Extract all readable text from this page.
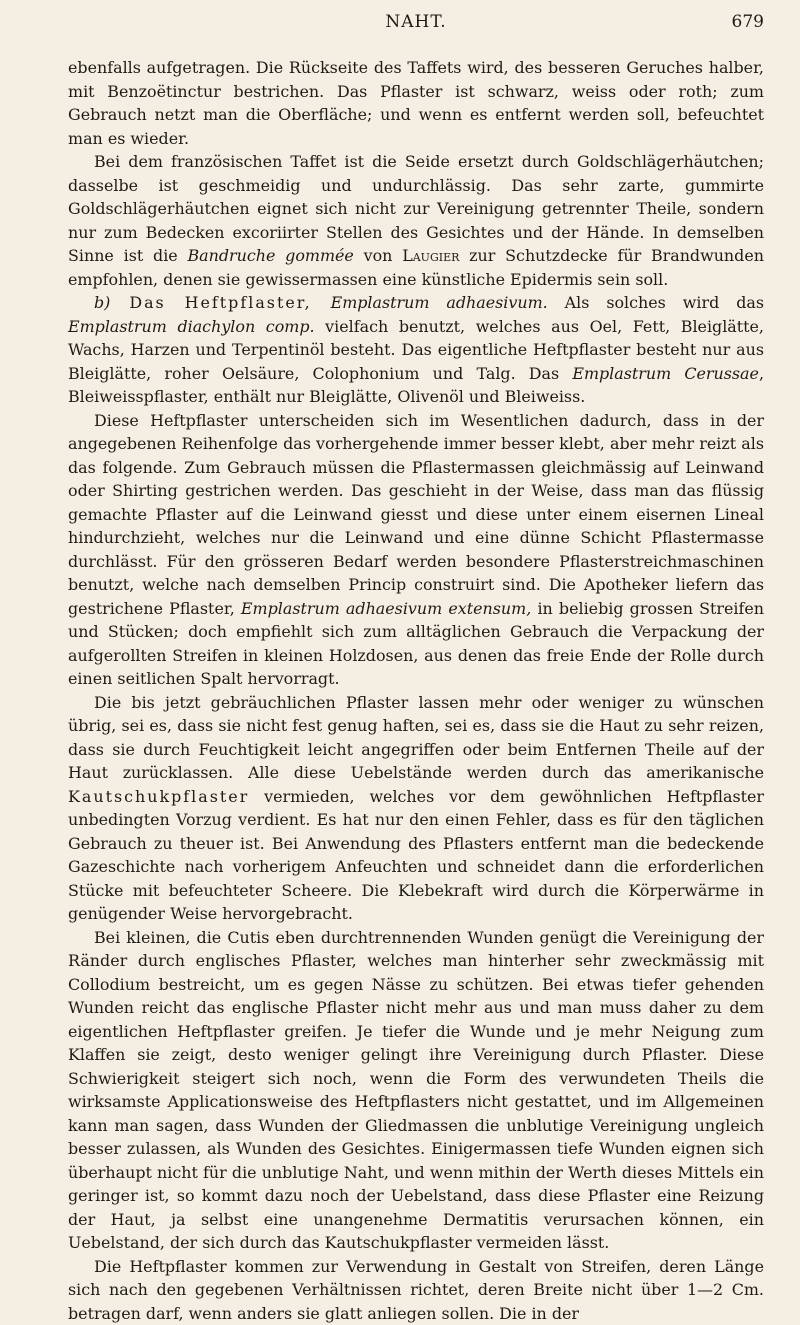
NAHT.	679

ebenfalls aufgetragen. Die Rückseite des Taffets wird, des besseren Geruches halber, mit Benzoëtinctur bestrichen. Das Pflaster ist schwarz, weiss oder roth; zum Gebrauch netzt man die Oberfläche; und wenn es entfernt werden soll, befeuchtet man es wieder.

Bei dem französischen Taffet ist die Seide ersetzt durch Goldschlägerhäutchen; dasselbe ist geschmeidig und undurchlässig. Das sehr zarte, gummirte Goldschlägerhäutchen eignet sich nicht zur Vereinigung getrennter Theile, sondern nur zum Bedecken excoriirter Stellen des Gesichtes und der Hände. In demselben Sinne ist die Bandruche gommée von Laugier zur Schutzdecke für Brandwunden empfohlen, denen sie gewissermassen eine künstliche Epidermis sein soll.

b) Das Heftpflaster, Emplastrum adhaesivum. Als solches wird das Emplastrum diachylon comp. vielfach benutzt, welches aus Oel, Fett, Bleiglätte, Wachs, Harzen und Terpentinöl besteht. Das eigentliche Heftpflaster besteht nur aus Bleiglätte, roher Oelsäure, Colophonium und Talg. Das Emplastrum Cerussae, Bleiweisspflaster, enthält nur Bleiglätte, Olivenöl und Bleiweiss.

Diese Heftpflaster unterscheiden sich im Wesentlichen dadurch, dass in der angegebenen Reihenfolge das vorhergehende immer besser klebt, aber mehr reizt als das folgende. Zum Gebrauch müssen die Pflastermassen gleichmässig auf Leinwand oder Shirting gestrichen werden. Das geschieht in der Weise, dass man das flüssig gemachte Pflaster auf die Leinwand giesst und diese unter einem eisernen Lineal hindurchzieht, welches nur die Leinwand und eine dünne Schicht Pflastermasse durchlässt. Für den grösseren Bedarf werden besondere Pflasterstreichmaschinen benutzt, welche nach demselben Princip construirt sind. Die Apotheker liefern das gestrichene Pflaster, Emplastrum adhaesivum extensum, in beliebig grossen Streifen und Stücken; doch empfiehlt sich zum alltäglichen Gebrauch die Verpackung der aufgerollten Streifen in kleinen Holzdosen, aus denen das freie Ende der Rolle durch einen seitlichen Spalt hervorragt.

Die bis jetzt gebräuchlichen Pflaster lassen mehr oder weniger zu wünschen übrig, sei es, dass sie nicht fest genug haften, sei es, dass sie die Haut zu sehr reizen, dass sie durch Feuchtigkeit leicht angegriffen oder beim Entfernen Theile auf der Haut zurücklassen. Alle diese Uebelstände werden durch das amerikanische Kautschukpflaster vermieden, welches vor dem gewöhnlichen Heftpflaster unbedingten Vorzug verdient. Es hat nur den einen Fehler, dass es für den täglichen Gebrauch zu theuer ist. Bei Anwendung des Pflasters entfernt man die bedeckende Gazeschichte nach vorherigem Anfeuchten und schneidet dann die erforderlichen Stücke mit befeuchteter Scheere. Die Klebekraft wird durch die Körperwärme in genügender Weise hervorgebracht.

Bei kleinen, die Cutis eben durchtrennenden Wunden genügt die Vereinigung der Ränder durch englisches Pflaster, welches man hinterher sehr zweckmässig mit Collodium bestreicht, um es gegen Nässe zu schützen. Bei etwas tiefer gehenden Wunden reicht das englische Pflaster nicht mehr aus und man muss daher zu dem eigentlichen Heftpflaster greifen. Je tiefer die Wunde und je mehr Neigung zum Klaffen sie zeigt, desto weniger gelingt ihre Vereinigung durch Pflaster. Diese Schwierigkeit steigert sich noch, wenn die Form des verwundeten Theils die wirksamste Applicationsweise des Heftpflasters nicht gestattet, und im Allgemeinen kann man sagen, dass Wunden der Gliedmassen die unblutige Vereinigung ungleich besser zulassen, als Wunden des Gesichtes. Einigermassen tiefe Wunden eignen sich überhaupt nicht für die unblutige Naht, und wenn mithin der Werth dieses Mittels ein geringer ist, so kommt dazu noch der Uebelstand, dass diese Pflaster eine Reizung der Haut, ja selbst eine unangenehme Dermatitis verursachen können, ein Uebelstand, der sich durch das Kautschukpflaster vermeiden lässt.

Die Heftpflaster kommen zur Verwendung in Gestalt von Streifen, deren Länge sich nach den gegebenen Verhältnissen richtet, deren Breite nicht über 1—2 Cm. betragen darf, wenn anders sie glatt anliegen sollen. Die in der
